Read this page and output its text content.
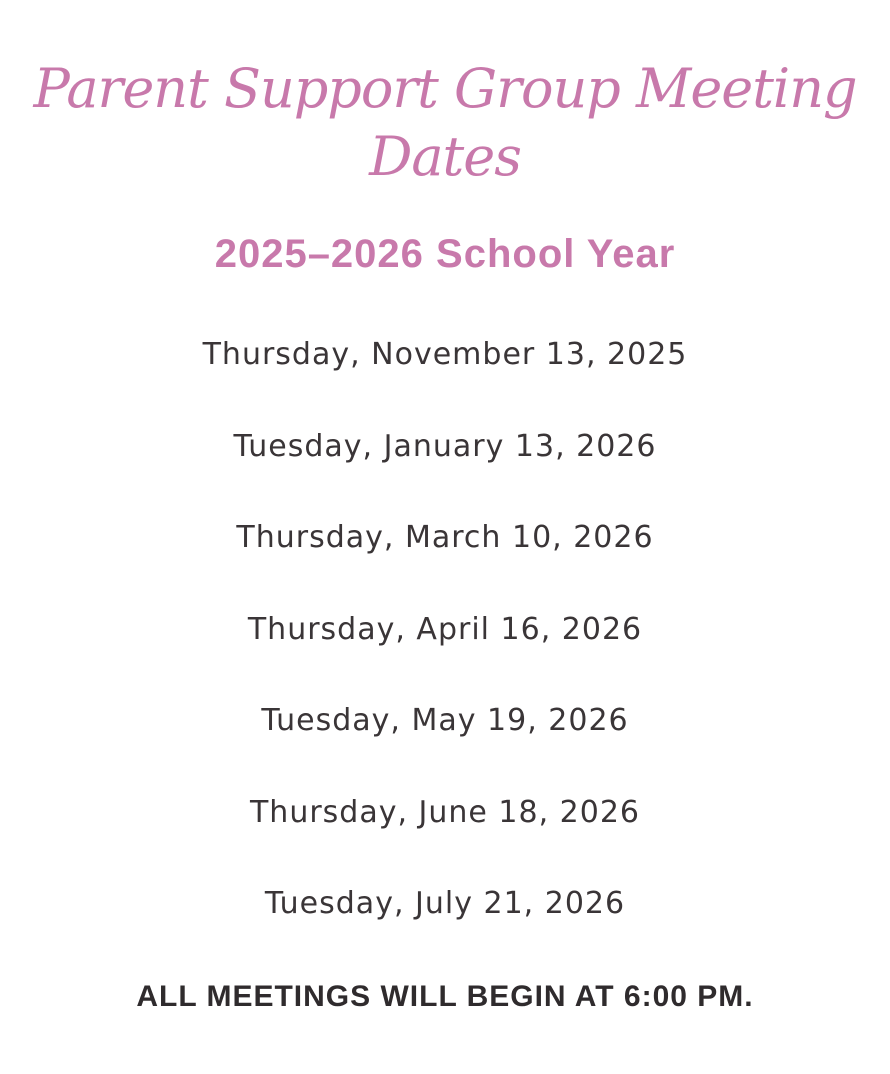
Parent Support Group Meeting
Dates
2025–2026 School Year
Thursday, November 13, 2025
Tuesday, January 13, 2026
Thursday, March 10, 2026
Thursday, April 16, 2026
Tuesday, May 19, 2026
Thursday, June 18, 2026
Tuesday, July 21, 2026

ALL MEETINGS WILL BEGIN AT 6:00 PM.
